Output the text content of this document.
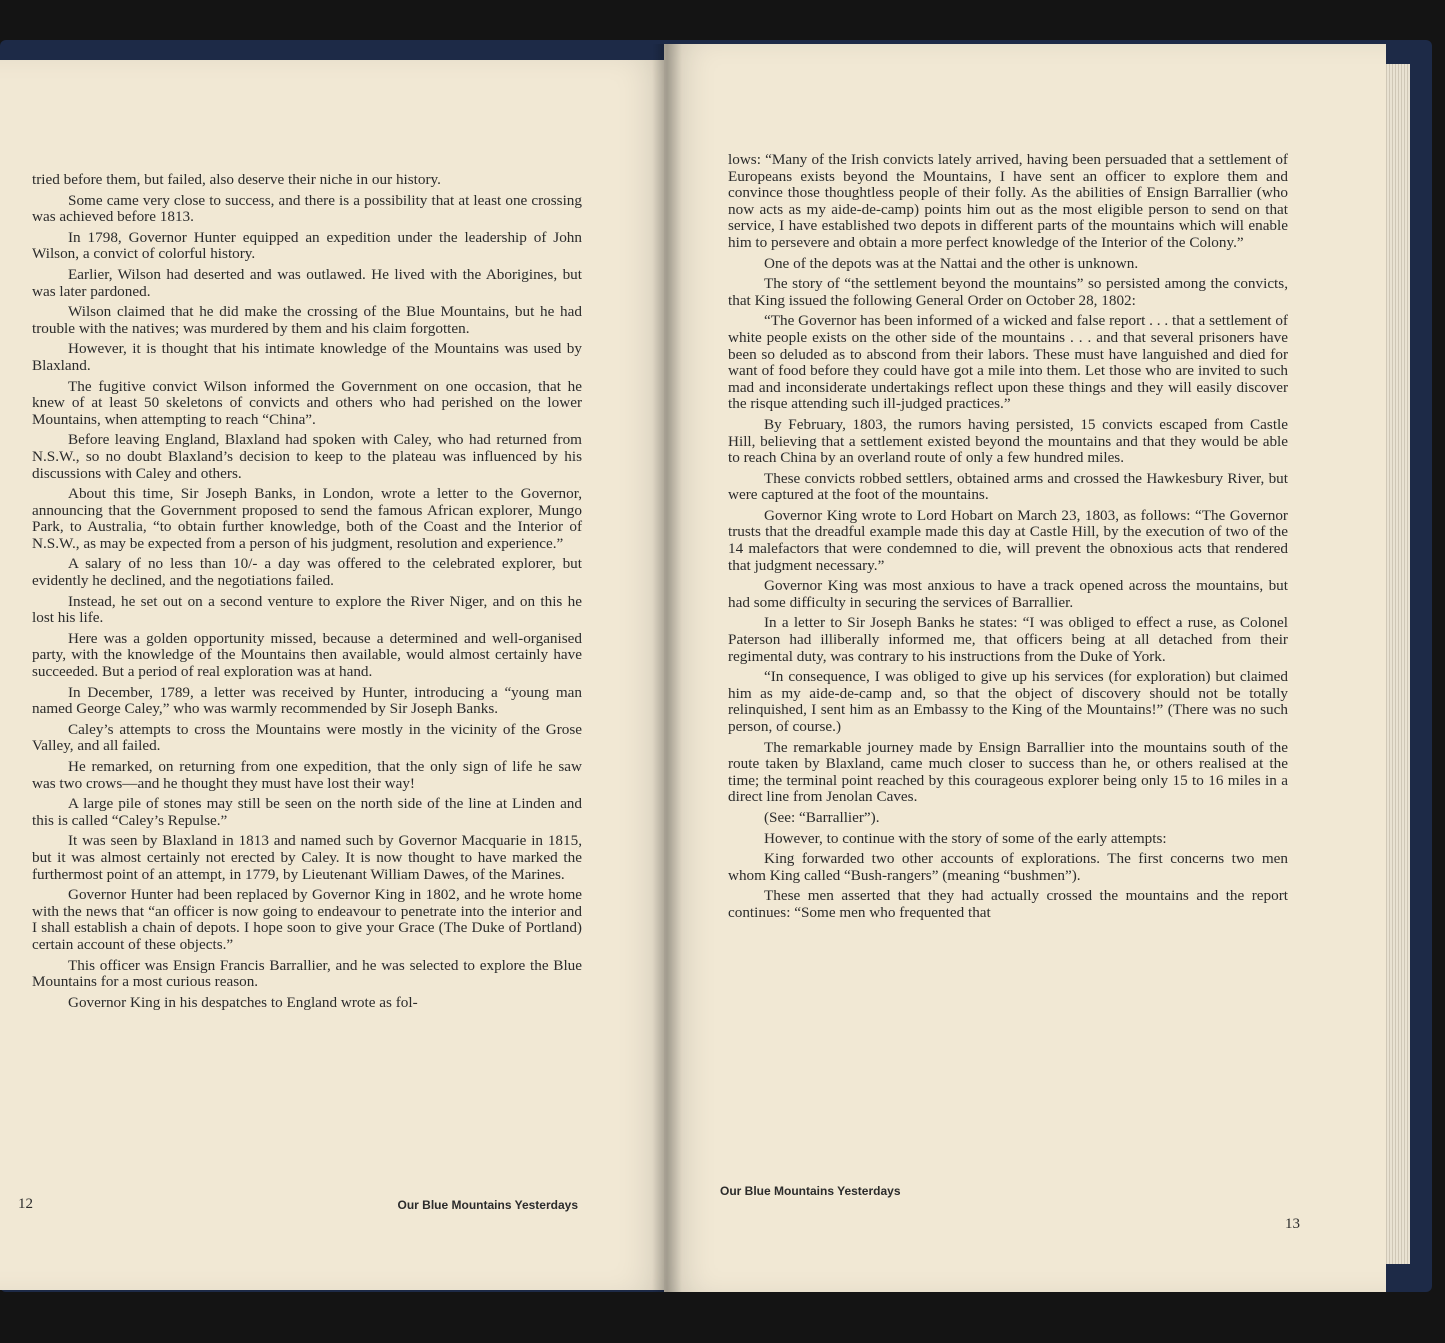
tried before them, but failed, also deserve their niche in our history.

Some came very close to success, and there is a possibility that at least one crossing was achieved before 1813.

In 1798, Governor Hunter equipped an expedition under the leadership of John Wilson, a convict of colorful history.

Earlier, Wilson had deserted and was outlawed. He lived with the Aborigines, but was later pardoned.

Wilson claimed that he did make the crossing of the Blue Mountains, but he had trouble with the natives; was murdered by them and his claim forgotten.

However, it is thought that his intimate knowledge of the Mountains was used by Blaxland.

The fugitive convict Wilson informed the Government on one occasion, that he knew of at least 50 skeletons of convicts and others who had perished on the lower Mountains, when attempting to reach “China”.

Before leaving England, Blaxland had spoken with Caley, who had returned from N.S.W., so no doubt Blaxland’s decision to keep to the plateau was influenced by his discussions with Caley and others.

About this time, Sir Joseph Banks, in London, wrote a letter to the Governor, announcing that the Government proposed to send the famous African explorer, Mungo Park, to Australia, “to obtain further knowledge, both of the Coast and the Interior of N.S.W., as may be expected from a person of his judgment, resolution and experience.”

A salary of no less than 10/- a day was offered to the celebrated explorer, but evidently he declined, and the negotiations failed.

Instead, he set out on a second venture to explore the River Niger, and on this he lost his life.

Here was a golden opportunity missed, because a determined and well-organised party, with the knowledge of the Mountains then available, would almost certainly have succeeded. But a period of real exploration was at hand.

In December, 1789, a letter was received by Hunter, introducing a “young man named George Caley,” who was warmly recommended by Sir Joseph Banks.

Caley’s attempts to cross the Mountains were mostly in the vicinity of the Grose Valley, and all failed.

He remarked, on returning from one expedition, that the only sign of life he saw was two crows—and he thought they must have lost their way!

A large pile of stones may still be seen on the north side of the line at Linden and this is called “Caley’s Repulse.”

It was seen by Blaxland in 1813 and named such by Governor Macquarie in 1815, but it was almost certainly not erected by Caley. It is now thought to have marked the furthermost point of an attempt, in 1779, by Lieutenant William Dawes, of the Marines.

Governor Hunter had been replaced by Governor King in 1802, and he wrote home with the news that “an officer is now going to endeavour to penetrate into the interior and I shall establish a chain of depots. I hope soon to give your Grace (The Duke of Portland) certain account of these objects.”

This officer was Ensign Francis Barrallier, and he was selected to explore the Blue Mountains for a most curious reason.

Governor King in his despatches to England wrote as fol-

12	Our Blue Mountains Yesterdays

lows: “Many of the Irish convicts lately arrived, having been persuaded that a settlement of Europeans exists beyond the Mountains, I have sent an officer to explore them and convince those thoughtless people of their folly. As the abilities of Ensign Barrallier (who now acts as my aide-de-camp) points him out as the most eligible person to send on that service, I have established two depots in different parts of the mountains which will enable him to persevere and obtain a more perfect knowledge of the Interior of the Colony.”

One of the depots was at the Nattai and the other is unknown.

The story of “the settlement beyond the mountains” so persisted among the convicts, that King issued the following General Order on October 28, 1802:

“The Governor has been informed of a wicked and false report . . . that a settlement of white people exists on the other side of the mountains . . . and that several prisoners have been so deluded as to abscond from their labors. These must have languished and died for want of food before they could have got a mile into them. Let those who are invited to such mad and inconsiderate undertakings reflect upon these things and they will easily discover the risque attending such ill-judged practices.”

By February, 1803, the rumors having persisted, 15 convicts escaped from Castle Hill, believing that a settlement existed beyond the mountains and that they would be able to reach China by an overland route of only a few hundred miles.

These convicts robbed settlers, obtained arms and crossed the Hawkesbury River, but were captured at the foot of the mountains.

Governor King wrote to Lord Hobart on March 23, 1803, as follows: “The Governor trusts that the dreadful example made this day at Castle Hill, by the execution of two of the 14 malefactors that were condemned to die, will prevent the obnoxious acts that rendered that judgment necessary.”

Governor King was most anxious to have a track opened across the mountains, but had some difficulty in securing the services of Barrallier.

In a letter to Sir Joseph Banks he states: “I was obliged to effect a ruse, as Colonel Paterson had illiberally informed me, that officers being at all detached from their regimental duty, was contrary to his instructions from the Duke of York.

“In consequence, I was obliged to give up his services (for exploration) but claimed him as my aide-de-camp and, so that the object of discovery should not be totally relinquished, I sent him as an Embassy to the King of the Mountains!” (There was no such person, of course.)

The remarkable journey made by Ensign Barrallier into the mountains south of the route taken by Blaxland, came much closer to success than he, or others realised at the time; the terminal point reached by this courageous explorer being only 15 to 16 miles in a direct line from Jenolan Caves.

(See: “Barrallier”).

However, to continue with the story of some of the early attempts:

King forwarded two other accounts of explorations. The first concerns two men whom King called “Bush-rangers” (meaning “bushmen”).

These men asserted that they had actually crossed the mountains and the report continues: “Some men who frequented that

Our Blue Mountains Yesterdays
13
